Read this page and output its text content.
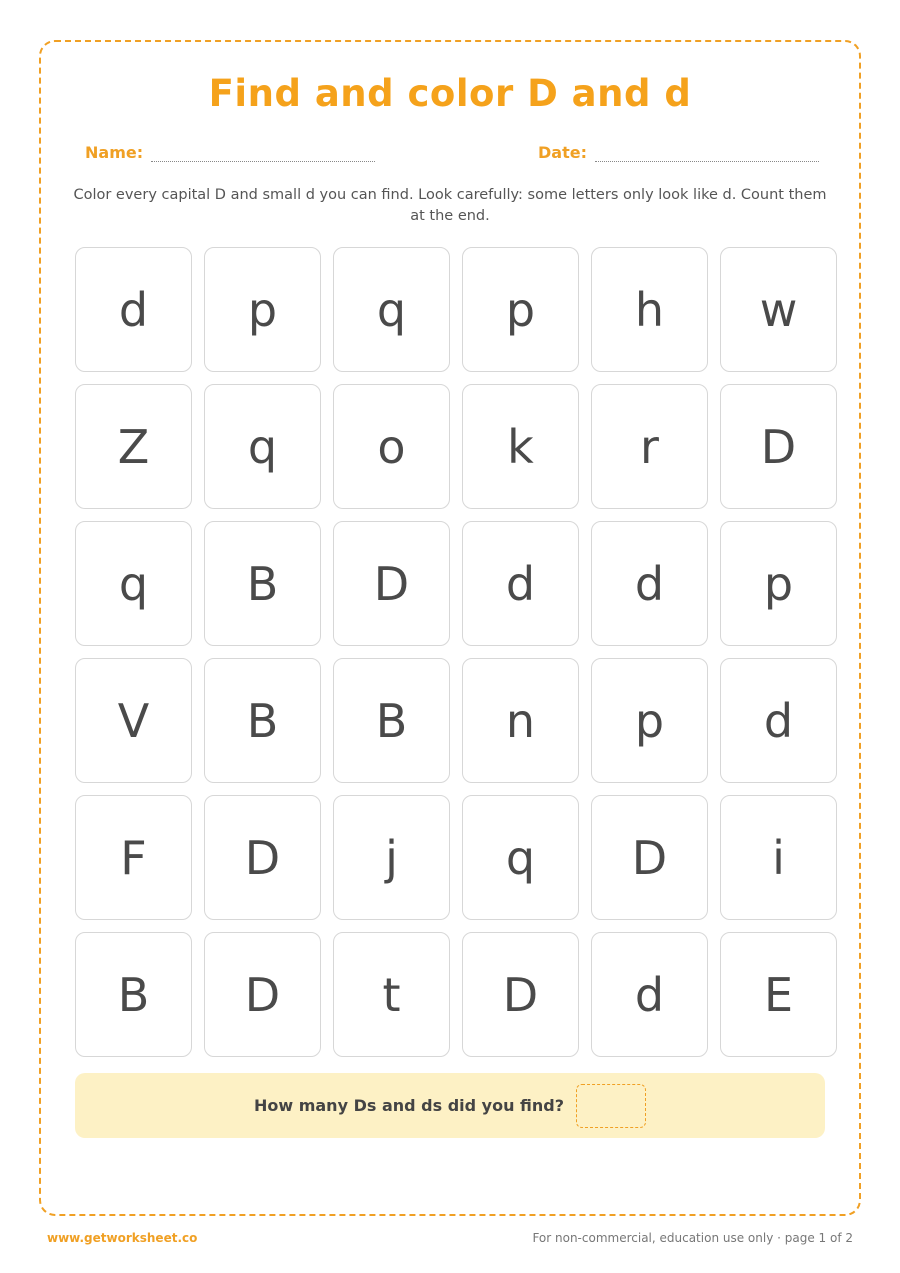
Find and color D and d
Name:	Date:

Color every capital D and small d you can find. Look carefully: some letters only look like d. Count them at the end.

d	p	q	p	h	w
Z	q	o	k	r	D
q	B	D	d	d	p
V	B	B	n	p	d
F	D	j	q	D	i
B	D	t	D	d	E
How many Ds and ds did you find?
www.getworksheet.co	For non-commercial, education use only · page 1 of 2
